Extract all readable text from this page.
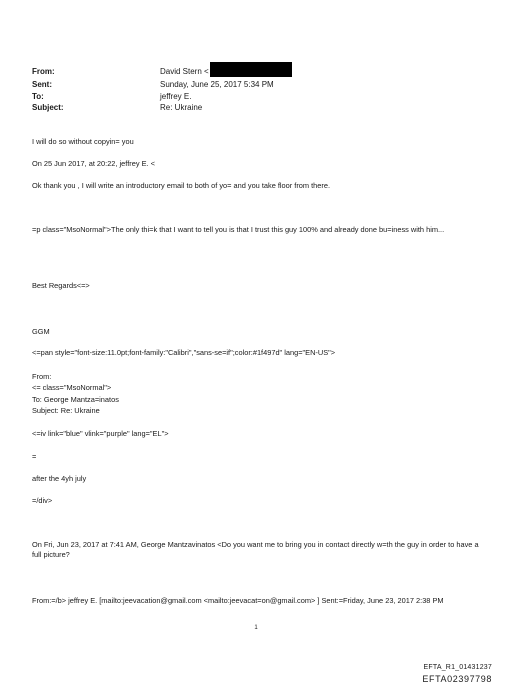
From:	David Stern <
Sent:	Sunday, June 25, 2017 5:34 PM
To:	jeffrey E.
Subject:	Re: Ukraine
I will do so without copyin= you
On 25 Jun 2017, at 20:22, jeffrey E. <
Ok thank you , I will write an introductory email to both of yo= and you take floor from there.
=p class="MsoNormal">The only thi=k that I want to tell you is that I trust this guy 100% and already done bu=iness with him...
Best Regards<=>
GGM
<=pan style="font-size:11.0pt;font-family:"Calibri","sans-se=if";color:#1f497d" lang="EN-US">
From:
<= class="MsoNormal">
To: George Mantza=inatos
Subject: Re: Ukraine
<=iv link="blue" vlink="purple" lang="EL">
=
after the 4yh july
=/div>
On Fri, Jun 23, 2017 at 7:41 AM, George Mantzavinatos <Do you want me to bring you in contact directly w=th the guy in order to have a full picture?
From:=/b> jeffrey E. [mailto:jeevacation@gmail.com <mailto:jeevacat=on@gmail.com> ] Sent:=Friday, June 23, 2017 2:38 PM
1
EFTA_R1_01431237
EFTA02397798
